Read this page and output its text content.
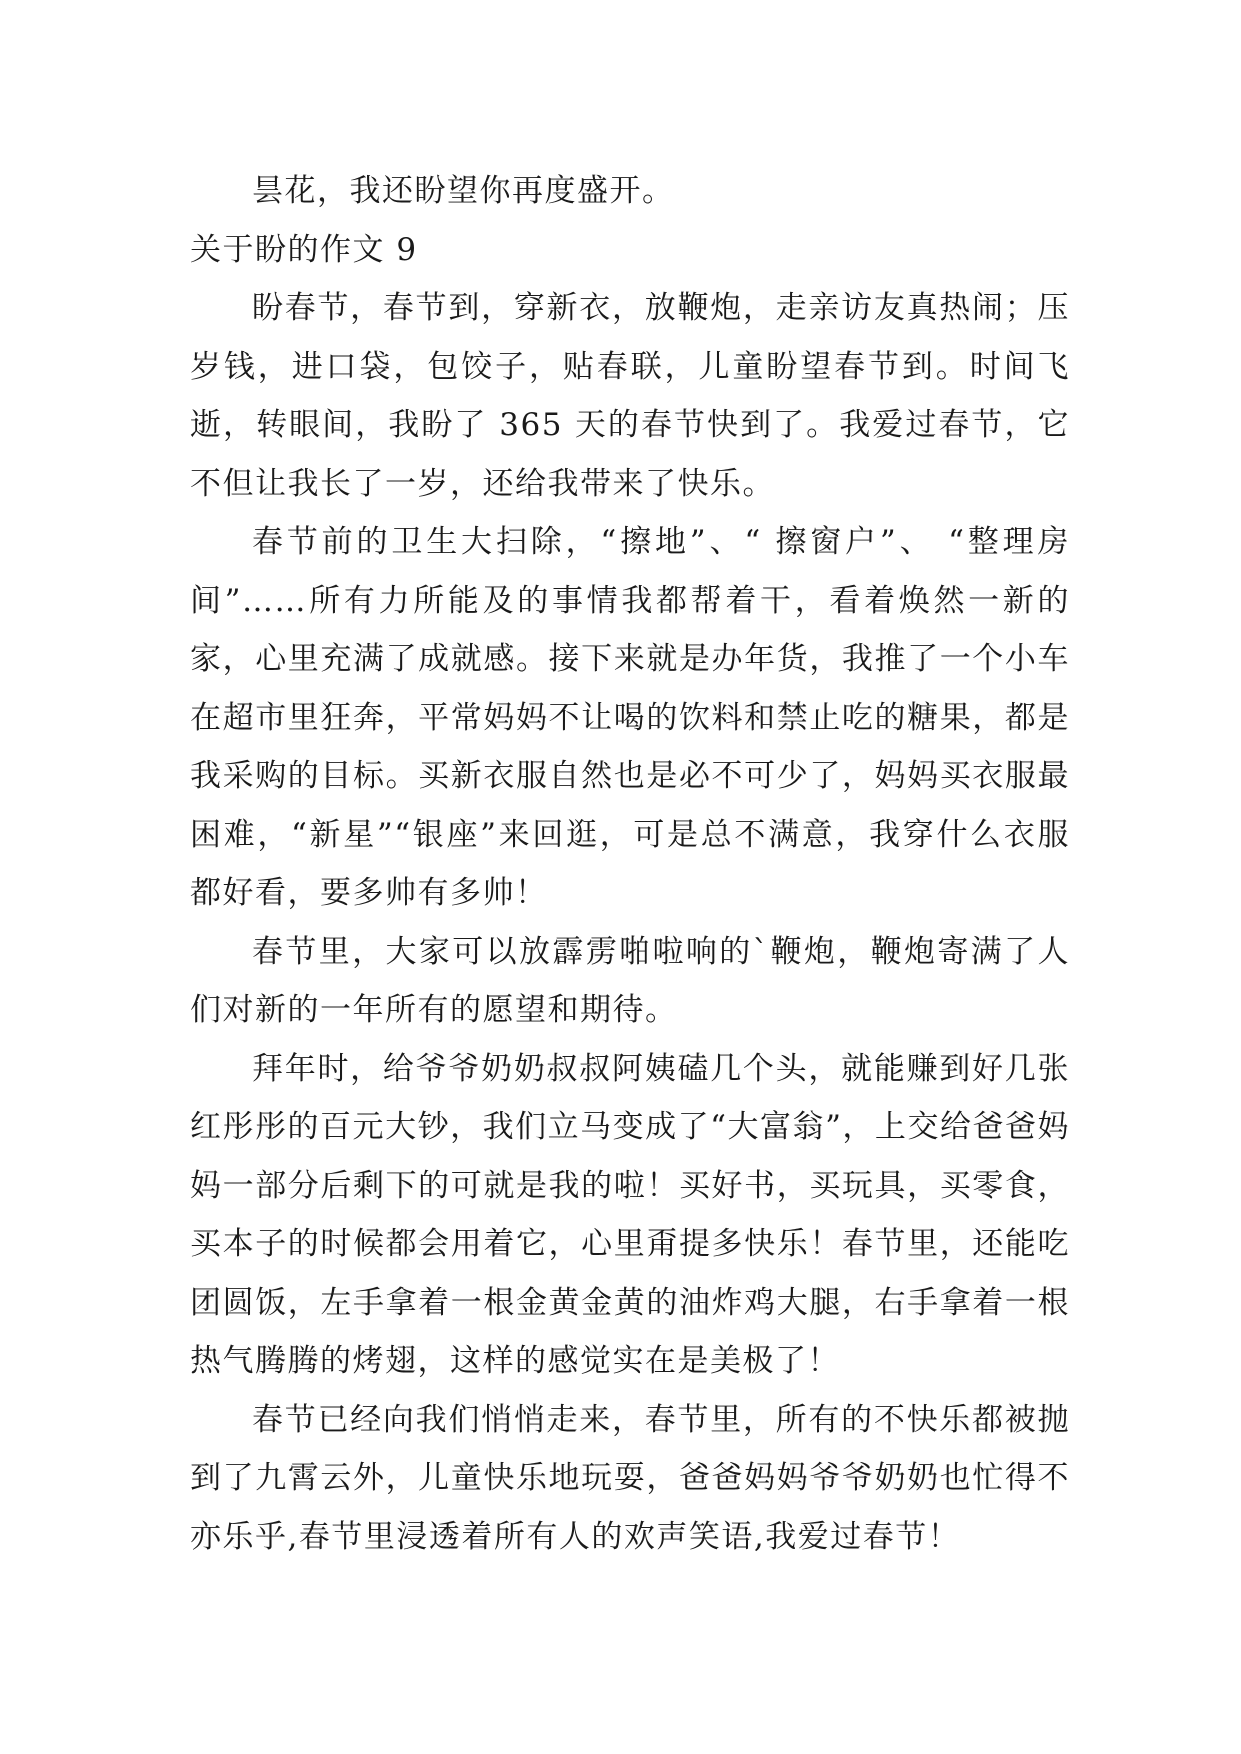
昙花，我还盼望你再度盛开。

关于盼的作文 9

盼春节，春节到，穿新衣，放鞭炮，走亲访友真热闹；压岁钱，进口袋，包饺子，贴春联，儿童盼望春节到。时间飞逝，转眼间，我盼了 365 天的春节快到了。我爱过春节，它不但让我长了一岁，还给我带来了快乐。

春节前的卫生大扫除，“擦地”、“ 擦窗户”、 “整理房间”……所有力所能及的事情我都帮着干，看着焕然一新的家，心里充满了成就感。接下来就是办年货，我推了一个小车在超市里狂奔，平常妈妈不让喝的饮料和禁止吃的糖果，都是我采购的目标。买新衣服自然也是必不可少了，妈妈买衣服最困难，“新星”“银座”来回逛，可是总不满意，我穿什么衣服都好看，要多帅有多帅！

春节里，大家可以放霹雳啪啦响的`鞭炮，鞭炮寄满了人们对新的一年所有的愿望和期待。

拜年时，给爷爷奶奶叔叔阿姨磕几个头，就能赚到好几张红彤彤的百元大钞，我们立马变成了“大富翁”，上交给爸爸妈妈一部分后剩下的可就是我的啦！买好书，买玩具，买零食，买本子的时候都会用着它，心里甭提多快乐！春节里，还能吃团圆饭，左手拿着一根金黄金黄的油炸鸡大腿，右手拿着一根热气腾腾的烤翅，这样的感觉实在是美极了！

春节已经向我们悄悄走来，春节里，所有的不快乐都被抛到了九霄云外，儿童快乐地玩耍，爸爸妈妈爷爷奶奶也忙得不亦乐乎,春节里浸透着所有人的欢声笑语,我爱过春节！
